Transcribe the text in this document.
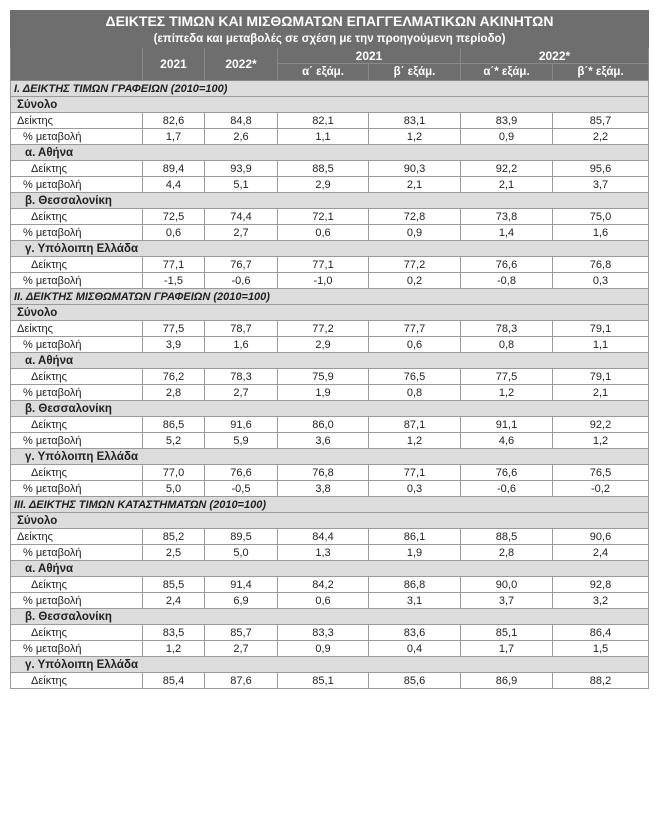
ΔΕΙΚΤΕΣ ΤΙΜΩΝ ΚΑΙ ΜΙΣΘΩΜΑΤΩΝ ΕΠΑΓΓΕΛΜΑΤΙΚΩΝ ΑΚΙΝΗΤΩΝ						
(επίπεδα και μεταβολές σε σχέση με την προηγούμενη περίοδο)						
	2021	2022*	2021		2022*	
			α΄ εξάμ.	β΄ εξάμ.	α΄* εξάμ.	β΄* εξάμ.
Ι. ΔΕΙΚΤΗΣ ΤΙΜΩΝ ΓΡΑΦΕΙΩΝ (2010=100)						
Σύνολο						
Δείκτης	82,6	84,8	82,1	83,1	83,9	85,7
% μεταβολή	1,7	2,6	1,1	1,2	0,9	2,2
α. Αθήνα						
Δείκτης	89,4	93,9	88,5	90,3	92,2	95,6
% μεταβολή	4,4	5,1	2,9	2,1	2,1	3,7
β. Θεσσαλονίκη						
Δείκτης	72,5	74,4	72,1	72,8	73,8	75,0
% μεταβολή	0,6	2,7	0,6	0,9	1,4	1,6
γ. Υπόλοιπη Ελλάδα						
Δείκτης	77,1	76,7	77,1	77,2	76,6	76,8
% μεταβολή	-1,5	-0,6	-1,0	0,2	-0,8	0,3
ΙΙ. ΔΕΙΚΤΗΣ ΜΙΣΘΩΜΑΤΩΝ ΓΡΑΦΕΙΩΝ (2010=100)						
Σύνολο						
Δείκτης	77,5	78,7	77,2	77,7	78,3	79,1
% μεταβολή	3,9	1,6	2,9	0,6	0,8	1,1
α. Αθήνα						
Δείκτης	76,2	78,3	75,9	76,5	77,5	79,1
% μεταβολή	2,8	2,7	1,9	0,8	1,2	2,1
β. Θεσσαλονίκη						
Δείκτης	86,5	91,6	86,0	87,1	91,1	92,2
% μεταβολή	5,2	5,9	3,6	1,2	4,6	1,2
γ. Υπόλοιπη Ελλάδα						
Δείκτης	77,0	76,6	76,8	77,1	76,6	76,5
% μεταβολή	5,0	-0,5	3,8	0,3	-0,6	-0,2
ΙΙΙ. ΔΕΙΚΤΗΣ ΤΙΜΩΝ ΚΑΤΑΣΤΗΜΑΤΩΝ (2010=100)						
Σύνολο						
Δείκτης	85,2	89,5	84,4	86,1	88,5	90,6
% μεταβολή	2,5	5,0	1,3	1,9	2,8	2,4
α. Αθήνα						
Δείκτης	85,5	91,4	84,2	86,8	90,0	92,8
% μεταβολή	2,4	6,9	0,6	3,1	3,7	3,2
β. Θεσσαλονίκη						
Δείκτης	83,5	85,7	83,3	83,6	85,1	86,4
% μεταβολή	1,2	2,7	0,9	0,4	1,7	1,5
γ. Υπόλοιπη Ελλάδα						
Δείκτης	85,4	87,6	85,1	85,6	86,9	88,2
